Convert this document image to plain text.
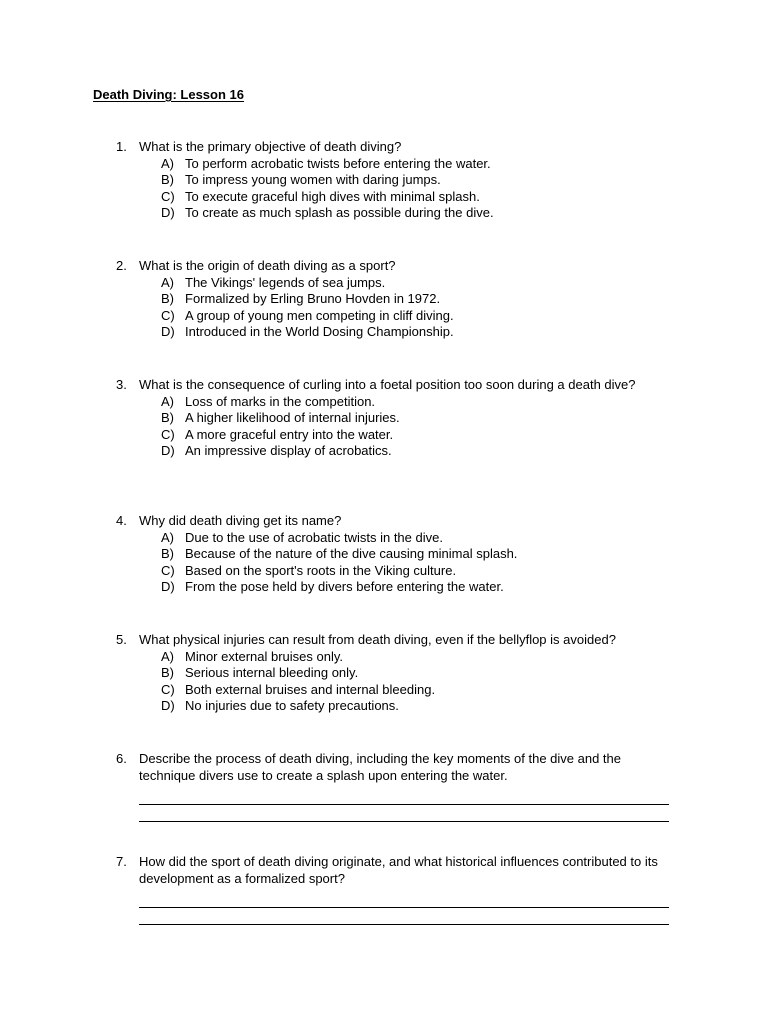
Death Diving: Lesson 16
1. What is the primary objective of death diving?
A) To perform acrobatic twists before entering the water.
B) To impress young women with daring jumps.
C) To execute graceful high dives with minimal splash.
D) To create as much splash as possible during the dive.
2. What is the origin of death diving as a sport?
A) The Vikings' legends of sea jumps.
B) Formalized by Erling Bruno Hovden in 1972.
C) A group of young men competing in cliff diving.
D) Introduced in the World Dosing Championship.
3. What is the consequence of curling into a foetal position too soon during a death dive?
A) Loss of marks in the competition.
B) A higher likelihood of internal injuries.
C) A more graceful entry into the water.
D) An impressive display of acrobatics.
4. Why did death diving get its name?
A) Due to the use of acrobatic twists in the dive.
B) Because of the nature of the dive causing minimal splash.
C) Based on the sport's roots in the Viking culture.
D) From the pose held by divers before entering the water.
5. What physical injuries can result from death diving, even if the bellyflop is avoided?
A) Minor external bruises only.
B) Serious internal bleeding only.
C) Both external bruises and internal bleeding.
D) No injuries due to safety precautions.
6. Describe the process of death diving, including the key moments of the dive and the technique divers use to create a splash upon entering the water.
7. How did the sport of death diving originate, and what historical influences contributed to its development as a formalized sport?
